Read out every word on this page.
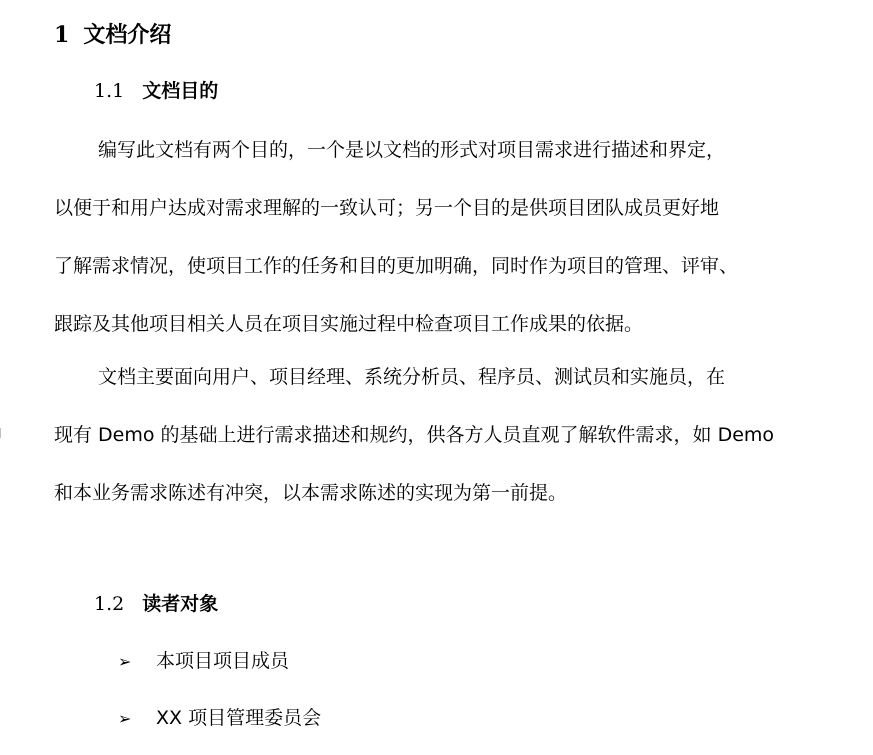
1 文档介绍
1.1 文档目的
编写此文档有两个目的，一个是以文档的形式对项目需求进行描述和界定，
以便于和用户达成对需求理解的一致认可；另一个目的是供项目团队成员更好地
了解需求情况，使项目工作的任务和目的更加明确，同时作为项目的管理、评审、
跟踪及其他项目相关人员在项目实施过程中检查项目工作成果的依据。
文档主要面向用户、项目经理、系统分析员、程序员、测试员和实施员，在
现有 Demo 的基础上进行需求描述和规约，供各方人员直观了解软件需求，如 Demo
和本业务需求陈述有冲突，以本需求陈述的实现为第一前提。
1.2 读者对象
➢ 本项目项目成员
➢ XX 项目管理委员会
